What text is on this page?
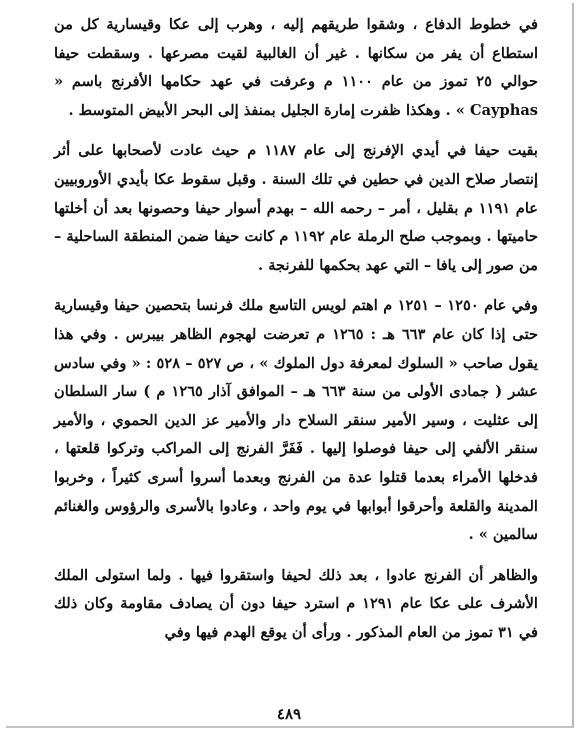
في خطوط الدفاع ، وشقوا طريقهم إليه ، وهرب إلى عكا وقيسارية كل من استطاع أن يفر من سكانها . غير أن الغالبية لقيت مصرعها . وسقطت حيفا حوالي ٢٥ تموز من عام ١١٠٠ م وعرفت في عهد حكامها الأفرنج باسم « Cayphas » . وهكذا ظفرت إمارة الجليل بمنفذ إلى البحر الأبيض المتوسط .

بقيت حيفا في أيدي الإفرنج إلى عام ١١٨٧ م حيث عادت لأصحابها على أثر إنتصار صلاح الدين في حطين في تلك السنة . وقبل سقوط عكا بأيدي الأوروبيين عام ١١٩١ م بقليل ، أمر – رحمه الله – بهدم أسوار حيفا وحصونها بعد أن أخلتها حاميتها . وبموجب صلح الرملة عام ١١٩٢ م كانت حيفا ضمن المنطقة الساحلية – من صور إلى يافا – التي عهد بحكمها للفرنجة .

وفي عام ١٢٥٠ – ١٢٥١ م اهتم لويس التاسع ملك فرنسا بتحصين حيفا وقيسارية حتى إذا كان عام ٦٦٣ هـ : ١٢٦٥ م تعرضت لهجوم الظاهر بيبرس . وفي هذا يقول صاحب « السلوك لمعرفة دول الملوك » ، ص ٥٢٧ – ٥٢٨ : « وفي سادس عشر ( جمادى الأولى من سنة ٦٦٣ هـ – الموافق آذار ١٢٦٥ م ) سار السلطان إلى عثليت ، وسير الأمير سنقر السلاح دار والأمير عز الدين الحموي ، والأمير سنقر الألفي إلى حيفا فوصلوا إليها . فَفَرَّ الفرنج إلى المراكب وتركوا قلعتها ، فدخلها الأمراء بعدما قتلوا عدة من الفرنج وبعدما أسروا أسرى كثيراً ، وخربوا المدينة والقلعة وأحرقوا أبوابها في يوم واحد ، وعادوا بالأسرى والرؤوس والغنائم سالمين » .

والظاهر أن الفرنج عادوا ، بعد ذلك لحيفا واستقروا فيها . ولما استولى الملك الأشرف على عكا عام ١٢٩١ م استرد حيفا دون أن يصادف مقاومة وكان ذلك في ٣١ تموز من العام المذكور . ورأى أن يوقع الهدم فيها وفي

٤٨٩
